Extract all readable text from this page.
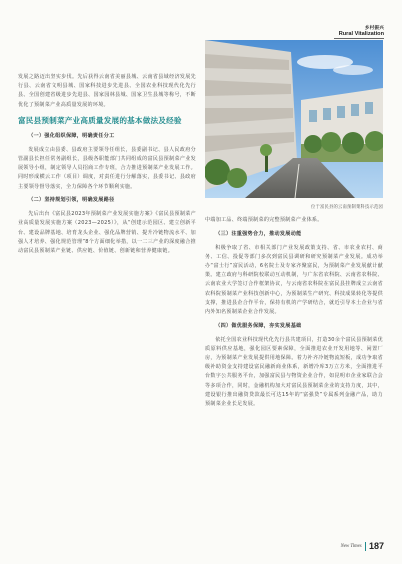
乡村振兴
Rural Vitalization

发展之路迈出坚实步伐。先后获得云南省美丽县城、云南省县域经济发展先行县、云南省文明县城、国家科技进步先进县、全国农业科技现代化先行县、全国创建省级进步先进县、国家园林县城、国家卫生县城等称号，不断优化了预制菜产业高质量发展的环境。

富民县预制菜产业高质量发展的基本做法及经验
（一）强化组织保障，明确责任分工

发展成立由县委、县政府主要领导任组长，县委副书记、县人民政府分管副县长担任常务副组长，县级各职能部门共同组成的富民县预制菜产业发展领导小组，制定领导人员招商工作专班，合力推进预制菜产业发展工作。同时形成横云工作（项目）调度，对责任进行分解落实，县委书记、县政府主要领导督导落实，全力保障各个环节顺利实施。

（二）坚持规划引领，明确发展路径

先后出台《富民县2023年预制菜产业发展实施方案》《富民县预制菜产业高质量发展实施方案（2023—2025）》，从“创建示范园区、建立创新平台、建设品牌基地、培育龙头企业、强化品牌营销、提升冷链物流水平、加强人才培养、强化规范管理”8个方面细化举措，以一二三产业的深度融合推动富民县预制菜产业链、供应链、价值链、创新链和营养健康链。

位于富民县的云南预制菜科技示范园

中端加工品、终端预制菜的完整预制菜产业体系。

（三）注重强势合力，推动发展动能

积极争取了省、市相关部门产业发展政策支持、省、市农业农村、商务、工信、投促等部门多次到富民县调研和研究预制菜产业发展。成功举办“富士行”富民活动，6名院士及专家齐聚富民，为预制菜产业发展献计献策。建立政府与科研院校联动互动机制，与广东省农科院、云南省农科院、云南农业大学签订合作框架协议，与云南省农科院在富民县挂牌成立云南省农科院预制菜产业科技创新中心，为预制菜生产研究、科技成果转化等提供支撑，推进县企合作平台，保持有机的产学研结合，就近引导本土企业与省内外知名预制菜企业合作发展。

（四）做优服务保障，夯实发展基础

依托全国农业科技现代化先行县共建项目，打造30余个富民县预制菜优质原料供应基地，强化园区要素保障，全面推进农业开发用地等、闲置厂房，为预制菜产业发展提供用地保障。着力补齐冷链物流短板，成功争取省级补助资金支持建设富民融新商业体系，新增冷库3万立方米，全面推进平台数字公共服务平台，加强富民县与物资企业合作，如昆明市企业家联合会等多项合作，同时，金融机构加大对富民县预制菜企业的支持力度，其中，建设银行推出融资贷款最长可达15年的“富强贷”专属系列金融产品，助力预制菜企业长足发展。

New Times 187
